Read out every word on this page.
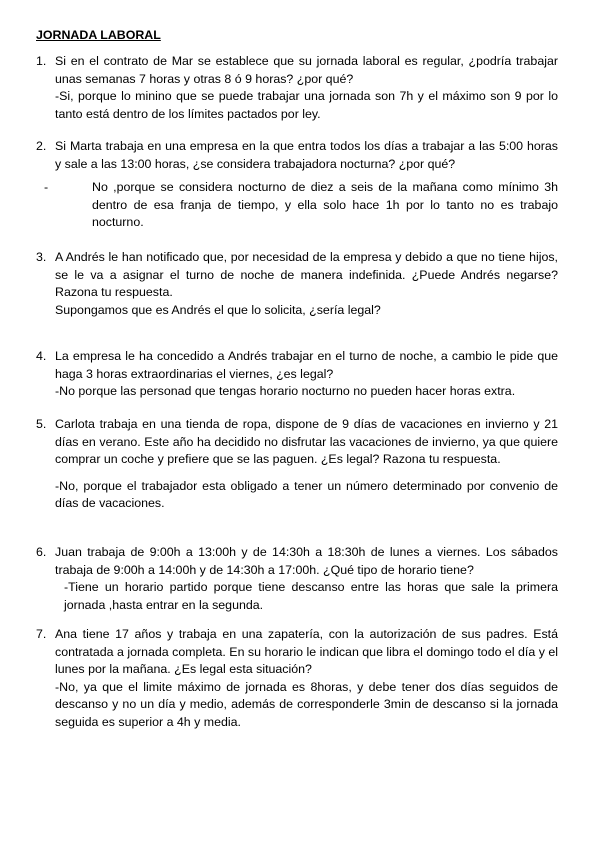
JORNADA LABORAL
1. Si en el contrato de Mar se establece que su jornada laboral es regular, ¿podría trabajar unas semanas 7 horas y otras 8 ó 9 horas? ¿por qué?
-Si, porque lo minino que se puede trabajar una jornada son 7h y el máximo son 9 por lo tanto está dentro de los límites pactados por ley.
2. Si Marta trabaja en una empresa en la que entra todos los días a trabajar a las 5:00 horas y sale a las 13:00 horas, ¿se considera trabajadora nocturna? ¿por qué?
-	No ,porque se considera nocturno de diez a seis de la mañana como mínimo 3h dentro de esa franja de tiempo, y ella solo hace 1h por lo tanto no es trabajo nocturno.
3. A Andrés le han notificado que, por necesidad de la empresa y debido a que no tiene hijos, se le va a asignar el turno de noche de manera indefinida. ¿Puede Andrés negarse? Razona tu respuesta.
Supongamos que es Andrés el que lo solicita, ¿sería legal?
4. La empresa le ha concedido a Andrés trabajar en el turno de noche, a cambio le pide que haga 3 horas extraordinarias el viernes, ¿es legal?
-No porque las personad que tengas horario nocturno no pueden hacer horas extra.
5. Carlota trabaja en una tienda de ropa, dispone de 9 días de vacaciones en invierno y 21 días en verano. Este año ha decidido no disfrutar las vacaciones de invierno, ya que quiere comprar un coche y prefiere que se las paguen. ¿Es legal? Razona tu respuesta.
-No, porque el trabajador esta obligado a tener un número determinado por convenio de días de vacaciones.
6. Juan trabaja de 9:00h a 13:00h y de 14:30h a 18:30h de lunes a viernes. Los sábados trabaja de 9:00h a 14:00h y de 14:30h a 17:00h. ¿Qué tipo de horario tiene?
-Tiene un horario partido porque tiene descanso entre las horas que sale la primera jornada ,hasta entrar en la segunda.
7. Ana tiene 17 años y trabaja en una zapatería, con la autorización de sus padres. Está contratada a jornada completa. En su horario le indican que libra el domingo todo el día y el lunes por la mañana. ¿Es legal esta situación?
-No, ya que el limite máximo de jornada es 8horas, y debe tener dos días seguidos de descanso y no un día y medio, además de corresponderle 3min de descanso si la jornada seguida es superior a 4h y media.
